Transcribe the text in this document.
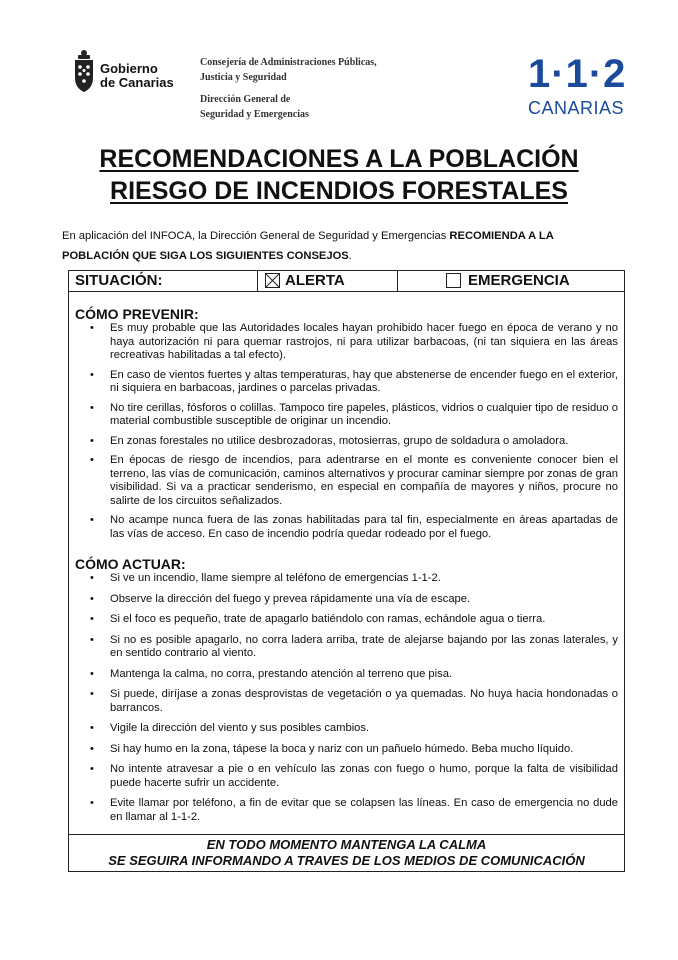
Gobierno
de Canarias
Consejería de Administraciones Públicas,
Justicia y Seguridad
Dirección General de
Seguridad y Emergencias
1·1·2
CANARIAS
RECOMENDACIONES A LA POBLACIÓN
RIESGO DE INCENDIOS FORESTALES
En aplicación del INFOCA, la Dirección General de Seguridad y Emergencias RECOMIENDA A LA POBLACIÓN QUE SIGA LOS SIGUIENTES CONSEJOS.
SITUACIÓN:	ALERTA	EMERGENCIA
CÓMO PREVENIR:
• Es muy probable que las Autoridades locales hayan prohibido hacer fuego en época de verano y no haya autorización ni para quemar rastrojos, ni para utilizar barbacoas, (ni tan siquiera en las áreas recreativas habilitadas a tal efecto).
• En caso de vientos fuertes y altas temperaturas, hay que abstenerse de encender fuego en el exterior, ni siquiera en barbacoas, jardines o parcelas privadas.
• No tire cerillas, fósforos o colillas. Tampoco tire papeles, plásticos, vidrios o cualquier tipo de residuo o material combustible susceptible de originar un incendio.
• En zonas forestales no utilice desbrozadoras, motosierras, grupo de soldadura o amoladora.
• En épocas de riesgo de incendios, para adentrarse en el monte es conveniente conocer bien el terreno, las vías de comunicación, caminos alternativos y procurar caminar siempre por zonas de gran visibilidad. Si va a practicar senderismo, en especial en compañía de mayores y niños, procure no salirte de los circuitos señalizados.
• No acampe nunca fuera de las zonas habilitadas para tal fin, especialmente en áreas apartadas de las vías de acceso. En caso de incendio podría quedar rodeado por el fuego.
CÓMO ACTUAR:
• Si ve un incendio, llame siempre al teléfono de emergencias 1-1-2.
• Observe la dirección del fuego y prevea rápidamente una vía de escape.
• Si el foco es pequeño, trate de apagarlo batiéndolo con ramas, echándole agua o tierra.
• Si no es posible apagarlo, no corra ladera arriba, trate de alejarse bajando por las zonas laterales, y en sentido contrario al viento.
• Mantenga la calma, no corra, prestando atención al terreno que pisa.
• Si puede, diríjase a zonas desprovistas de vegetación o ya quemadas. No huya hacia hondonadas o barrancos.
• Vigile la dirección del viento y sus posibles cambios.
• Si hay humo en la zona, tápese la boca y nariz con un pañuelo húmedo. Beba mucho líquido.
• No intente atravesar a pie o en vehículo las zonas con fuego o humo, porque la falta de visibilidad puede hacerte sufrir un accidente.
• Evite llamar por teléfono, a fin de evitar que se colapsen las líneas. En caso de emergencia no dude en llamar al 1-1-2.
EN TODO MOMENTO MANTENGA LA CALMA
SE SEGUIRA INFORMANDO A TRAVES DE LOS MEDIOS DE COMUNICACIÓN
